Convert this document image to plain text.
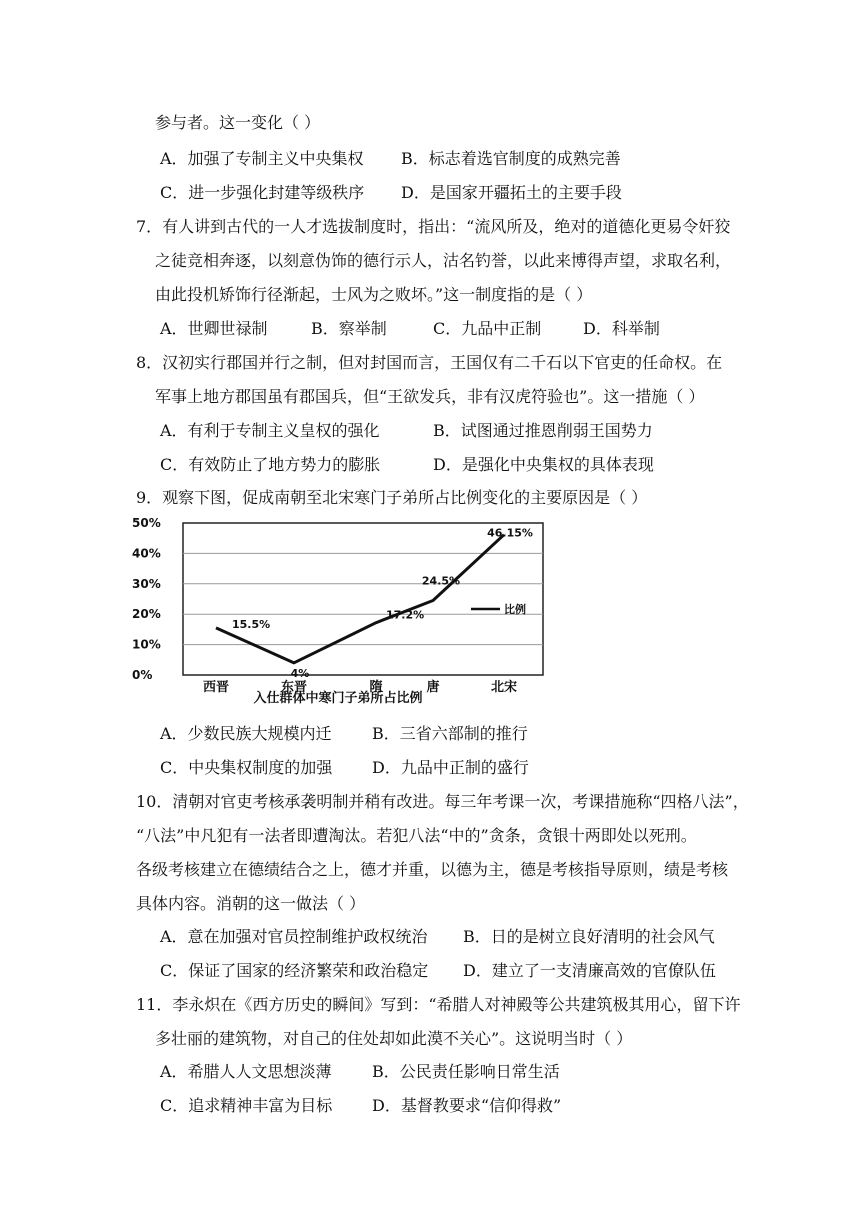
参与者。这一变化（ ）
A．加强了专制主义中央集权 B．标志着选官制度的成熟完善
C．进一步强化封建等级秩序 D．是国家开疆拓土的主要手段
7．有人讲到古代的一人才选拔制度时，指出：“流风所及，绝对的道德化更易令奸狡
之徒竞相奔逐，以刻意伪饰的德行示人，沽名钓誉，以此来博得声望，求取名利，
由此投机矫饰行径渐起，士风为之败坏。”这一制度指的是（ ）
A．世卿世禄制	B．察举制	C．九品中正制	D．科举制
8．汉初实行郡国并行之制，但对封国而言，王国仅有二千石以下官吏的任命权。在
军事上地方郡国虽有郡国兵，但“王欲发兵，非有汉虎符验也”。这一措施（ ）
A．有利于专制主义皇权的强化	B．试图通过推恩削弱王国势力
C．有效防止了地方势力的膨胀	D．是强化中央集权的具体表现
9．观察下图，促成南朝至北宋寒门子弟所占比例变化的主要原因是（ ）
0%
10%
20%
30%
40%
50%
西晋	东晋	隋	唐	北宋
15.5%
4%
17.2%
24.5%
46.15%
比例
入仕群体中寒门子弟所占比例
A．少数民族大规模内迁	B．三省六部制的推行
C．中央集权制度的加强 D．九品中正制的盛行
10．清朝对官吏考核承袭明制并稍有改进。每三年考课一次，考课措施称“四格八法”，
“八法”中凡犯有一法者即遭淘汰。若犯八法“中的”贪条，贪银十两即处以死刑。
各级考核建立在德绩结合之上，德才并重，以德为主，德是考核指导原则，绩是考核
具体内容。消朝的这一做法（ ）
A．意在加强对官员控制维护政权统治 B．日的是树立良好清明的社会风气
C．保证了国家的经济繁荣和政治稳定 D．建立了一支清廉高效的官僚队伍
11．李永炽在《西方历史的瞬间》写到：“希腊人对神殿等公共建筑极其用心，留下许
多壮丽的建筑物，对自己的住处却如此漠不关心”。这说明当时（ ）
A．希腊人人文思想淡薄	B．公民责任影响日常生活
C．追求精神丰富为目标 D．基督教要求“信仰得救”
